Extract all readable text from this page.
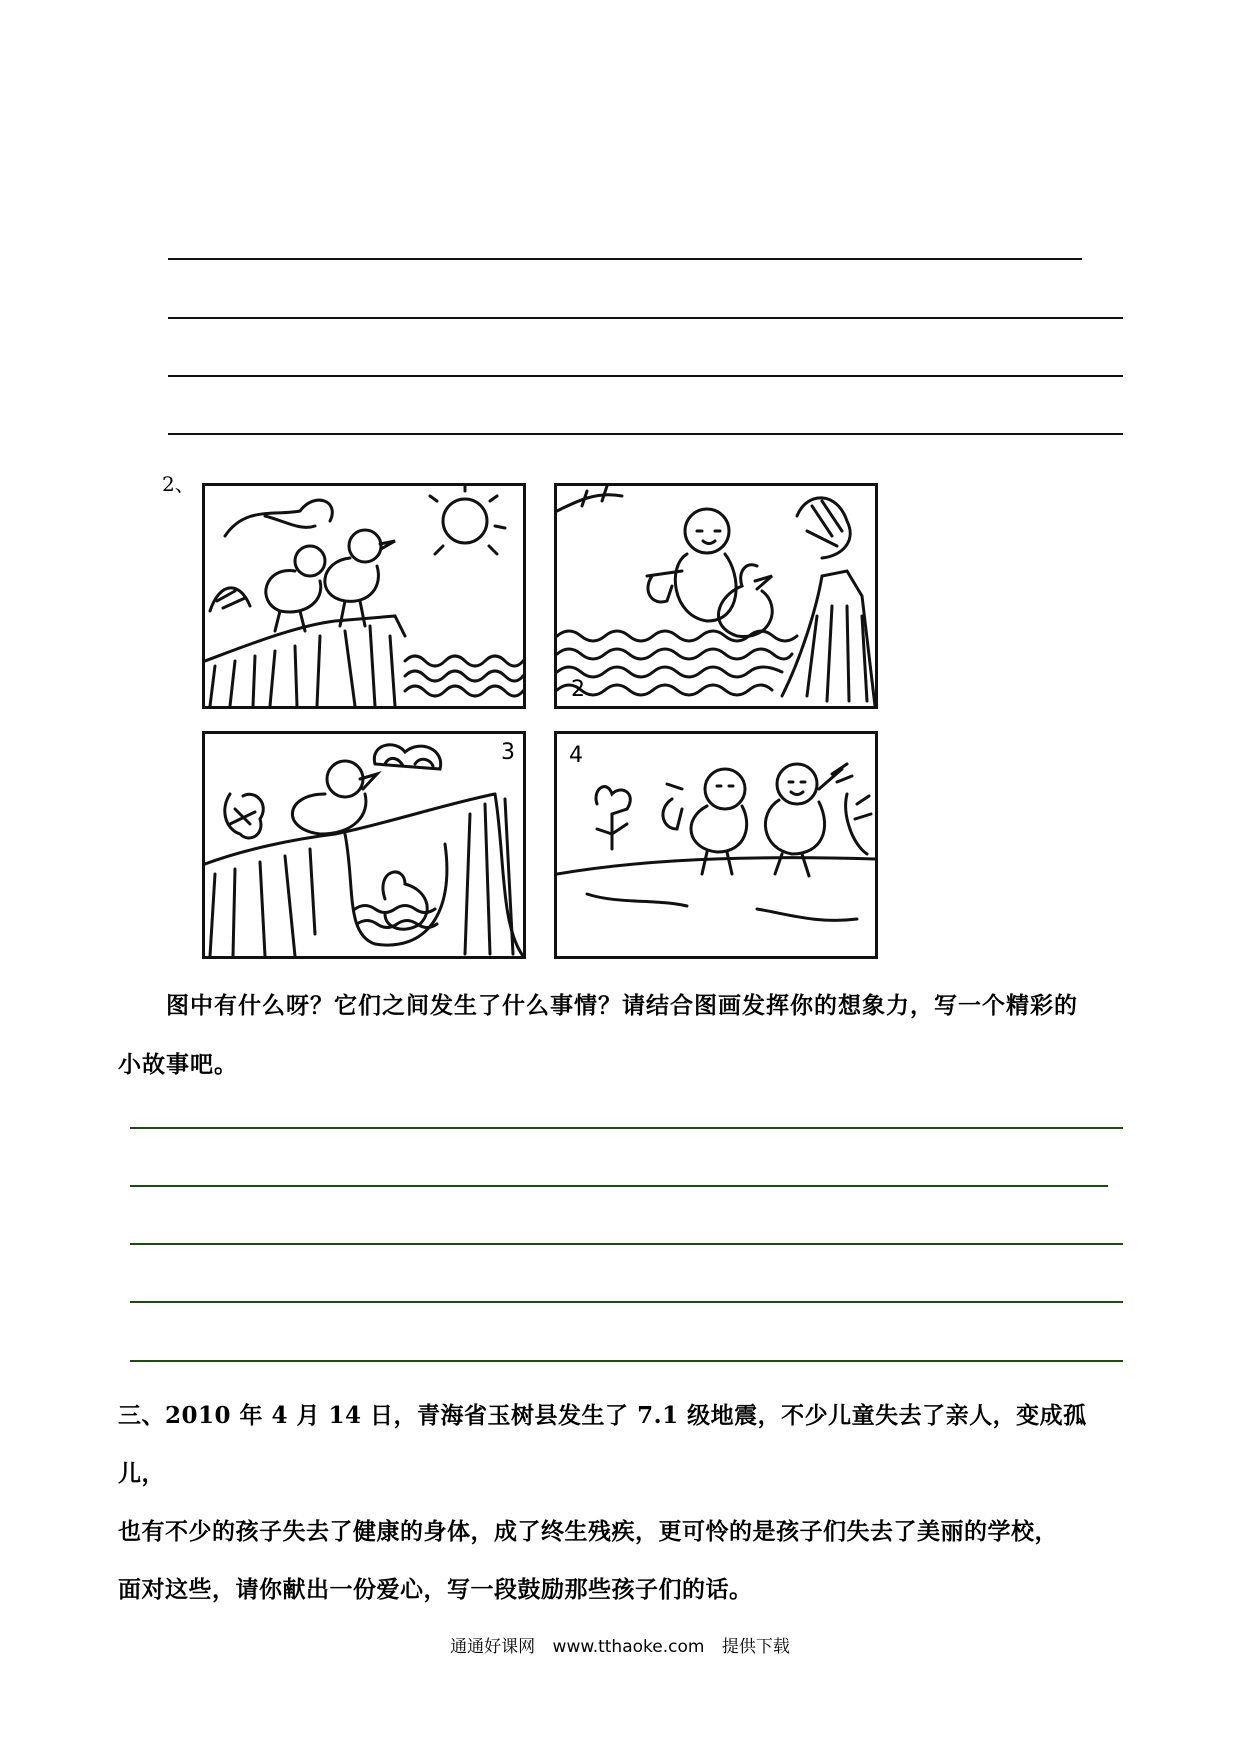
2、
2
3 4
图中有什么呀？它们之间发生了什么事情？请结合图画发挥你的想象力，写一个精彩的
小故事吧。
三、2010 年 4 月 14 日，青海省玉树县发生了 7.1 级地震，不少儿童失去了亲人，变成孤儿，
也有不少的孩子失去了健康的身体，成了终生残疾，更可怜的是孩子们失去了美丽的学校，
面对这些，请你献出一份爱心，写一段鼓励那些孩子们的话。
通通好课网 www.tthaoke.com 提供下载
